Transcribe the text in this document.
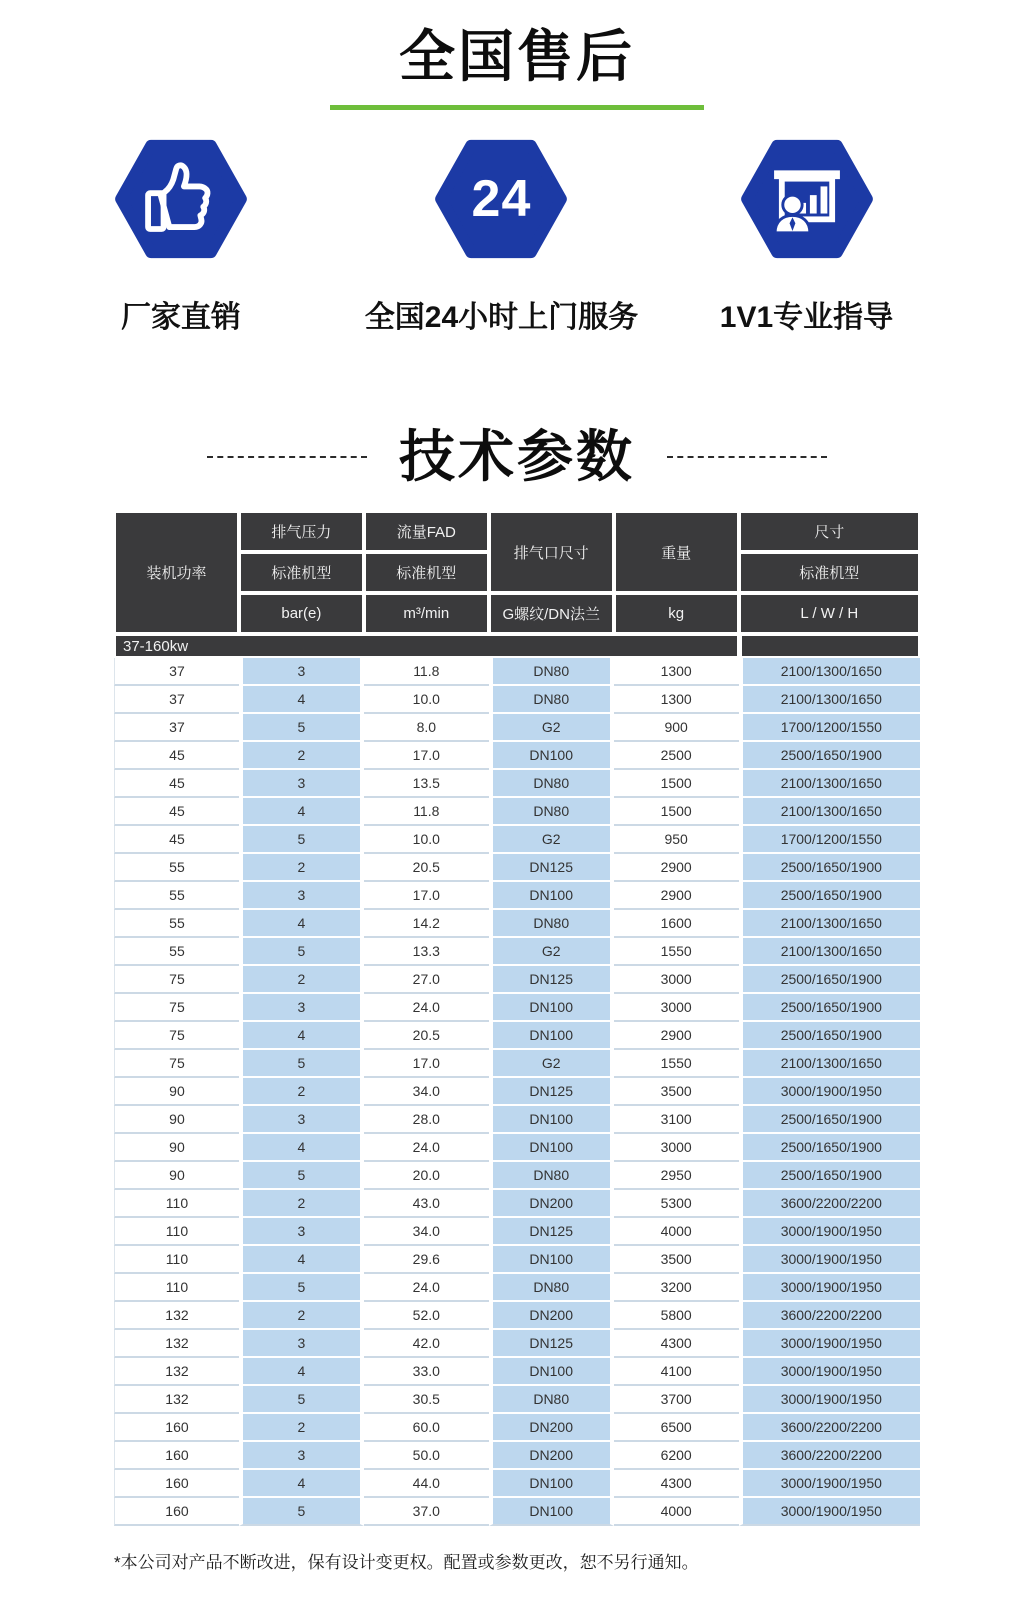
全国售后
厂家直销
24
全国24小时上门服务	1V1专业指导
技术参数
装机功率	排气压力	流量FAD	排气口尺寸	重量	尺寸
	标准机型	标准机型			标准机型
	bar(e)	m³/min	G螺纹/DN法兰	kg	L / W / H
37-160kw					
37	3	11.8	DN80	1300	2100/1300/1650
37	4	10.0	DN80	1300	2100/1300/1650
37	5	8.0	G2	900	1700/1200/1550
45	2	17.0	DN100	2500	2500/1650/1900
45	3	13.5	DN80	1500	2100/1300/1650
45	4	11.8	DN80	1500	2100/1300/1650
45	5	10.0	G2	950	1700/1200/1550
55	2	20.5	DN125	2900	2500/1650/1900
55	3	17.0	DN100	2900	2500/1650/1900
55	4	14.2	DN80	1600	2100/1300/1650
55	5	13.3	G2	1550	2100/1300/1650
75	2	27.0	DN125	3000	2500/1650/1900
75	3	24.0	DN100	3000	2500/1650/1900
75	4	20.5	DN100	2900	2500/1650/1900
75	5	17.0	G2	1550	2100/1300/1650
90	2	34.0	DN125	3500	3000/1900/1950
90	3	28.0	DN100	3100	2500/1650/1900
90	4	24.0	DN100	3000	2500/1650/1900
90	5	20.0	DN80	2950	2500/1650/1900
110	2	43.0	DN200	5300	3600/2200/2200
110	3	34.0	DN125	4000	3000/1900/1950
110	4	29.6	DN100	3500	3000/1900/1950
110	5	24.0	DN80	3200	3000/1900/1950
132	2	52.0	DN200	5800	3600/2200/2200
132	3	42.0	DN125	4300	3000/1900/1950
132	4	33.0	DN100	4100	3000/1900/1950
132	5	30.5	DN80	3700	3000/1900/1950
160	2	60.0	DN200	6500	3600/2200/2200
160	3	50.0	DN200	6200	3600/2200/2200
160	4	44.0	DN100	4300	3000/1900/1950
160	5	37.0	DN100	4000	3000/1900/1950

*本公司对产品不断改进，保有设计变更权。配置或参数更改，恕不另行通知。
